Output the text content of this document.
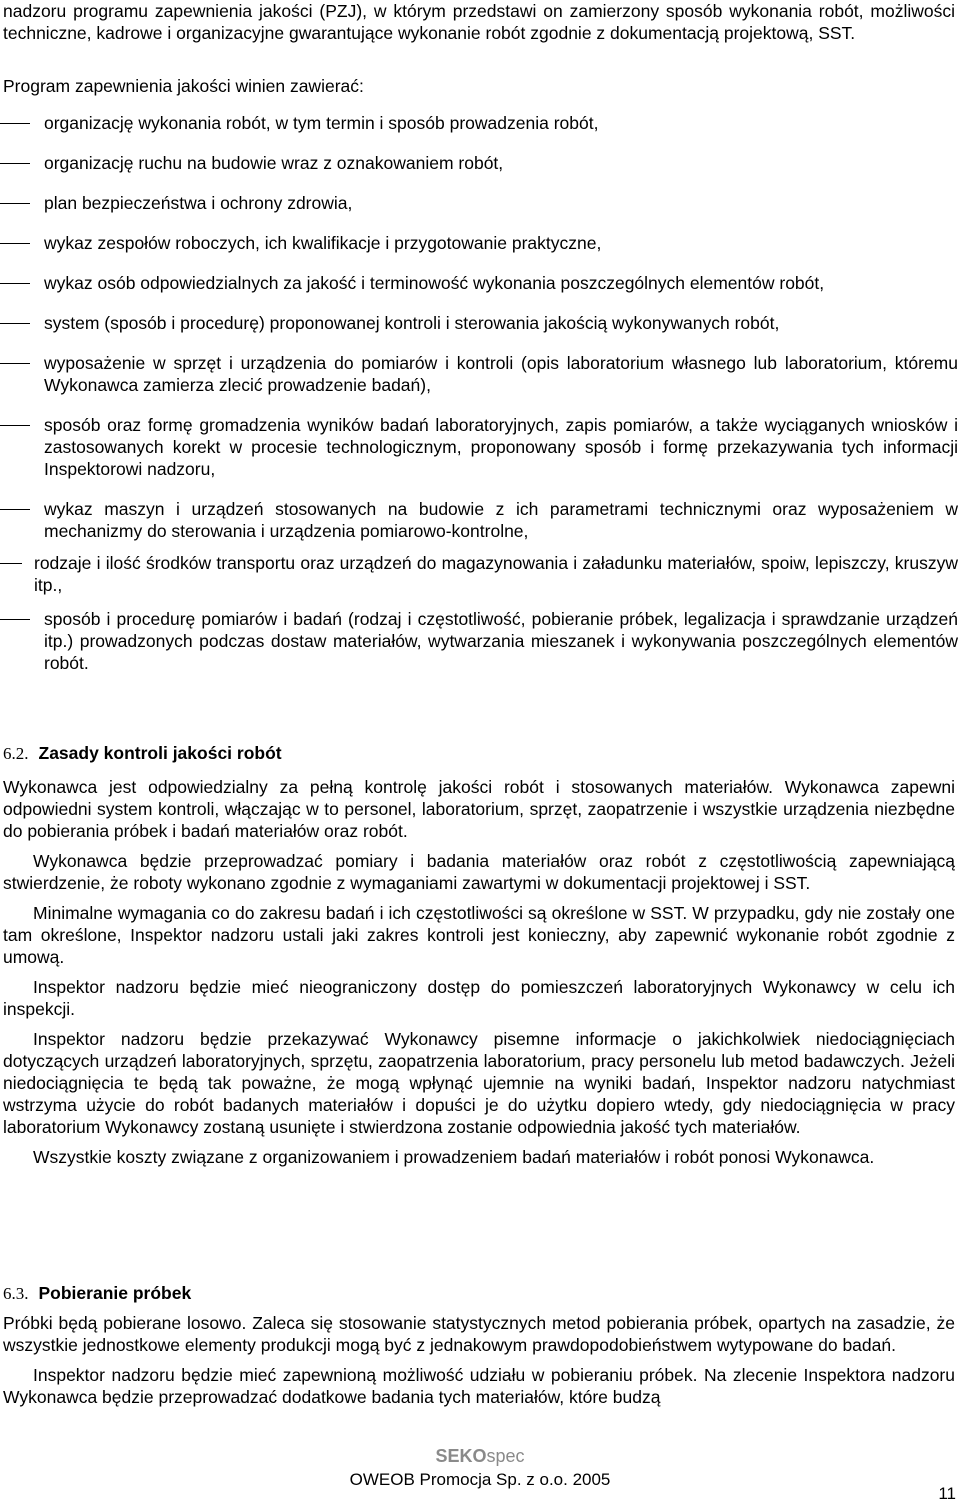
nadzoru programu zapewnienia jakości (PZJ), w którym przedstawi on zamierzony sposób wykonania robót, możliwości techniczne, kadrowe i organizacyjne gwarantujące wykonanie robót zgodnie z dokumentacją projektową, SST.

Program zapewnienia jakości winien zawierać:

organizację wykonania robót, w tym termin i sposób prowadzenia robót,
organizację ruchu na budowie wraz z oznakowaniem robót,
plan bezpieczeństwa i ochrony zdrowia,
wykaz zespołów roboczych, ich kwalifikacje i przygotowanie praktyczne,
wykaz osób odpowiedzialnych za jakość i terminowość wykonania poszczególnych elementów robót,
system (sposób i procedurę) proponowanej kontroli i sterowania jakością wykonywanych robót,
wyposażenie w sprzęt i urządzenia do pomiarów i kontroli (opis laboratorium własnego lub laboratorium, któremu Wykonawca zamierza zlecić prowadzenie badań),
sposób oraz formę gromadzenia wyników badań laboratoryjnych, zapis pomiarów, a także wyciąganych wniosków i zastosowanych korekt w procesie technologicznym, proponowany sposób i formę przekazywania tych informacji Inspektorowi nadzoru,
wykaz maszyn i urządzeń stosowanych na budowie z ich parametrami technicznymi oraz wyposażeniem w mechanizmy do sterowania i urządzenia pomiarowo-kontrolne,
rodzaje i ilość środków transportu oraz urządzeń do magazynowania i załadunku materiałów, spoiw, lepiszczy, kruszyw itp.,
sposób i procedurę pomiarów i badań (rodzaj i częstotliwość, pobieranie próbek, legalizacja i sprawdzanie urządzeń itp.) prowadzonych podczas dostaw materiałów, wytwarzania mieszanek i wykonywania poszczególnych elementów robót.
6.2. Zasady kontroli jakości robót

Wykonawca jest odpowiedzialny za pełną kontrolę jakości robót i stosowanych materiałów. Wykonawca zapewni odpowiedni system kontroli, włączając w to personel, laboratorium, sprzęt, zaopatrzenie i wszystkie urządzenia niezbędne do pobierania próbek i badań materiałów oraz robót.

Wykonawca będzie przeprowadzać pomiary i badania materiałów oraz robót z częstotliwością zapewniającą stwierdzenie, że roboty wykonano zgodnie z wymaganiami zawartymi w dokumentacji projektowej i SST.

Minimalne wymagania co do zakresu badań i ich częstotliwości są określone w SST. W przypadku, gdy nie zostały one tam określone, Inspektor nadzoru ustali jaki zakres kontroli jest konieczny, aby zapewnić wykonanie robót zgodnie z umową.

Inspektor nadzoru będzie mieć nieograniczony dostęp do pomieszczeń laboratoryjnych Wykonawcy w celu ich inspekcji.

Inspektor nadzoru będzie przekazywać Wykonawcy pisemne informacje o jakichkolwiek niedociągnięciach dotyczących urządzeń laboratoryjnych, sprzętu, zaopatrzenia laboratorium, pracy personelu lub metod badawczych. Jeżeli niedociągnięcia te będą tak poważne, że mogą wpłynąć ujemnie na wyniki badań, Inspektor nadzoru natychmiast wstrzyma użycie do robót badanych materiałów i dopuści je do użytku dopiero wtedy, gdy niedociągnięcia w pracy laboratorium Wykonawcy zostaną usunięte i stwierdzona zostanie odpowiednia jakość tych materiałów.

Wszystkie koszty związane z organizowaniem i prowadzeniem badań materiałów i robót ponosi Wykonawca.

6.3. Pobieranie próbek

Próbki będą pobierane losowo. Zaleca się stosowanie statystycznych metod pobierania próbek, opartych na zasadzie, że wszystkie jednostkowe elementy produkcji mogą być z jednakowym prawdopodobieństwem wytypowane do badań.

Inspektor nadzoru będzie mieć zapewnioną możliwość udziału w pobieraniu próbek. Na zlecenie Inspektora nadzoru Wykonawca będzie przeprowadzać dodatkowe badania tych materiałów, które budzą

SEKOspec
OWEOB Promocja Sp. z o.o. 2005
11
